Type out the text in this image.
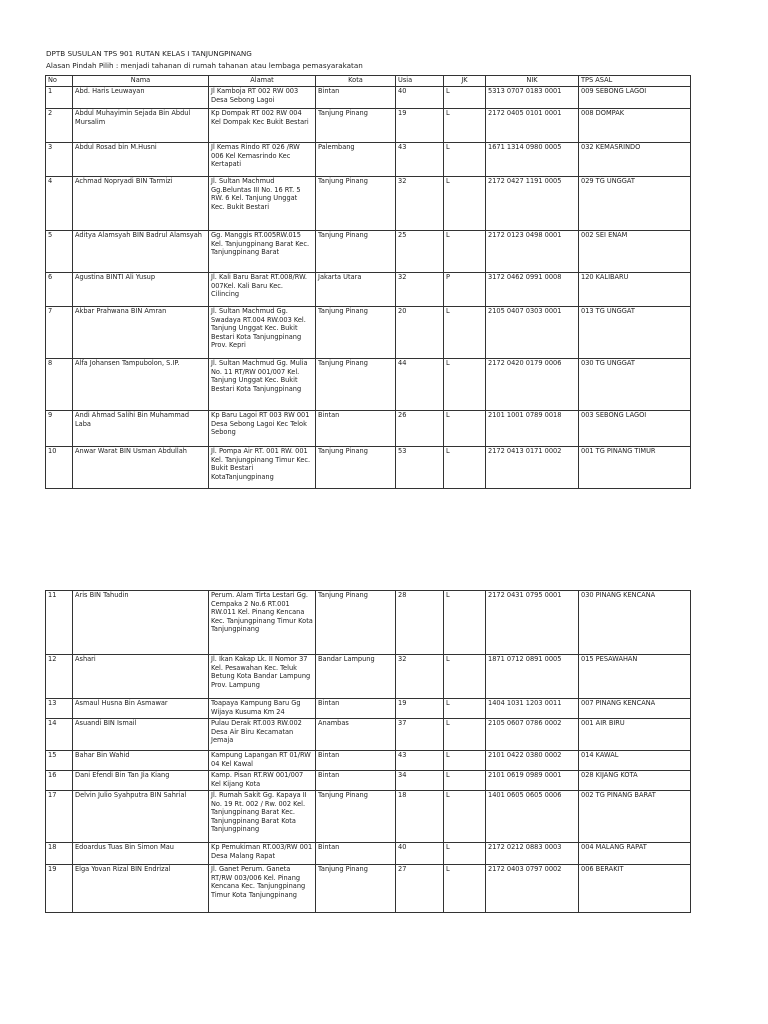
DPTB SUSULAN TPS 901 RUTAN KELAS I TANJUNGPINANG
Alasan Pindah Pilih : menjadi tahanan di rumah tahanan atau lembaga pemasyarakatan
No	Nama	Alamat	Kota	Usia	JK	NIK	TPS ASAL
1	Abd. Haris Leuwayan	Jl Kamboja RT 002 RW 003 Desa Sebong Lagoi	Bintan	40	L	5313 0707 0183 0001	009 SEBONG LAGOI
2	Abdul Muhayimin Sejada Bin Abdul Mursalim	Kp Dompak RT 002 RW 004 Kel Dompak Kec Bukit Bestari	Tanjung Pinang	19	L	2172 0405 0101 0001	008 DOMPAK
3	Abdul Rosad bin M.Husni	Jl Kemas Rindo RT 026 /RW 006 Kel Kemasrindo Kec Kertapati	Palembang	43	L	1671 1314 0980 0005	032 KEMASRINDO
4	Achmad Nopryadi BIN Tarmizi	Jl. Sultan Machmud Gg.Beluntas III No. 16 RT. 5 RW. 6 Kel. Tanjung Unggat Kec. Bukit Bestari	Tanjung Pinang	32	L	2172 0427 1191 0005	029 TG UNGGAT
5	Aditya Alamsyah BIN Badrul Alamsyah	Gg. Manggis RT.005RW.015 Kel. Tanjungpinang Barat Kec. Tanjungpinang Barat	Tanjung Pinang	25	L	2172 0123 0498 0001	002 SEI ENAM
6	Agustina BINTI Ali Yusup	Jl. Kali Baru Barat RT.008/RW. 007Kel. Kali Baru Kec. Cilincing	Jakarta Utara	32	P	3172 0462 0991 0008	120 KALIBARU
7	Akbar Prahwana BIN Amran	Jl. Sultan Machmud Gg. Swadaya RT.004 RW.003 Kel. Tanjung Unggat Kec. Bukit Bestari Kota Tanjungpinang Prov. Kepri	Tanjung Pinang	20	L	2105 0407 0303 0001	013 TG UNGGAT
8	Alfa Johansen Tampubolon, S.IP.	Jl. Sultan Machmud Gg. Mulia No. 11 RT/RW 001/007 Kel. Tanjung Unggat Kec. Bukit Bestari Kota Tanjungpinang	Tanjung Pinang	44	L	2172 0420 0179 0006	030 TG UNGGAT
9	Andi Ahmad Salihi Bin Muhammad Laba	Kp Baru Lagoi RT 003 RW 001 Desa Sebong Lagoi Kec Telok Sebong	Bintan	26	L	2101 1001 0789 0018	003 SEBONG LAGOI
10	Anwar Warat BIN Usman Abdullah	Jl. Pompa Air RT. 001 RW. 001 Kel. Tanjungpinang Timur Kec. Bukit Bestari KotaTanjungpinang	Tanjung Pinang	53	L	2172 0413 0171 0002	001 TG PINANG TIMUR
11	Aris BIN Tahudin	Perum. Alam Tirta Lestari Gg. Cempaka 2 No.6 RT.001 RW.011 Kel. Pinang Kencana Kec. Tanjungpinang Timur Kota Tanjungpinang	Tanjung Pinang	28	L	2172 0431 0795 0001	030 PINANG KENCANA
12	Ashari	Jl. Ikan Kakap Lk. II Nomor 37 Kel. Pesawahan Kec. Teluk Betung Kota Bandar Lampung Prov. Lampung	Bandar Lampung	32	L	1871 0712 0891 0005	015 PESAWAHAN
13	Asmaul Husna Bin Asmawar	Toapaya Kampung Baru Gg Wijaya Kusuma Km 24	Bintan	19	L	1404 1031 1203 0011	007 PINANG KENCANA
14	Asuandi BIN Ismail	Pulau Derak RT.003 RW.002 Desa Air Biru Kecamatan Jemaja	Anambas	37	L	2105 0607 0786 0002	001 AIR BIRU
15	Bahar Bin Wahid	Kampung Lapangan RT 01/RW 04 Kel Kawal	Bintan	43	L	2101 0422 0380 0002	014 KAWAL
16	Dani Efendi Bin Tan Jia Kiang	Kamp. Pisan RT.RW 001/007 Kel Kijang Kota	Bintan	34	L	2101 0619 0989 0001	028 KIJANG KOTA
17	Delvin Julio Syahputra BIN Sahrial	Jl. Rumah Sakit Gg. Kapaya II No. 19 Rt. 002 / Rw. 002 Kel. Tanjungpinang Barat Kec. Tanjungpinang Barat Kota Tanjungpinang	Tanjung Pinang	18	L	1401 0605 0605 0006	002 TG PINANG BARAT
18	Edoardus Tuas Bin Simon Mau	Kp Pemukiman RT.003/RW 001 Desa Malang Rapat	Bintan	40	L	2172 0212 0883 0003	004 MALANG RAPAT
19	Elga Yovan Rizal BIN Endrizal	Jl. Ganet Perum. Ganeta RT/RW 003/006 Kel. Pinang Kencana Kec. Tanjungpinang Timur Kota Tanjungpinang	Tanjung Pinang	27	L	2172 0403 0797 0002	006 BERAKIT
